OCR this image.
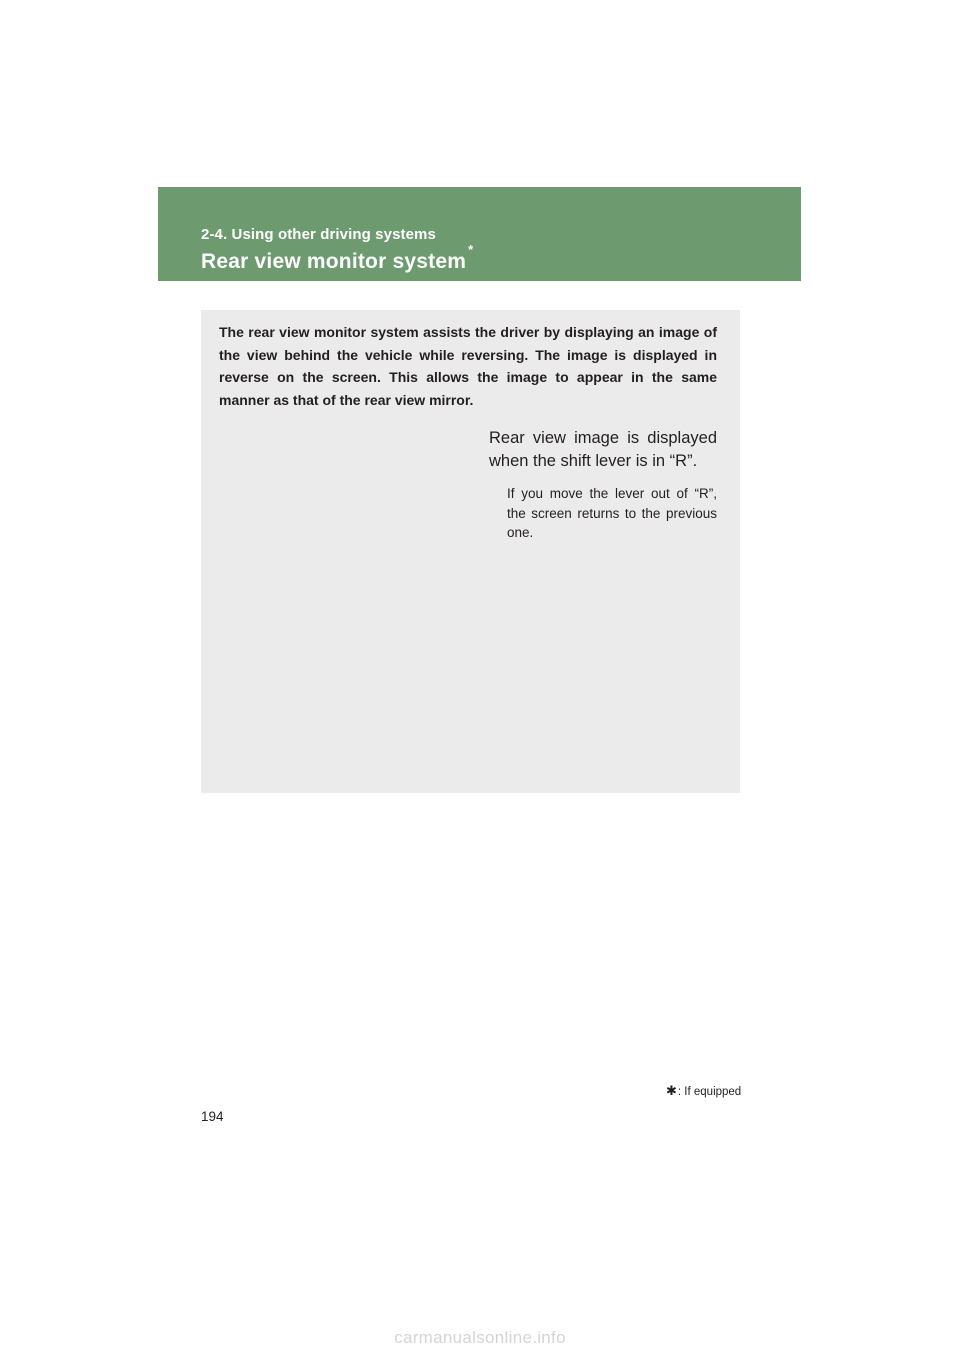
2-4. Using other driving systems
Rear view monitor system*
The rear view monitor system assists the driver by displaying an image of the view behind the vehicle while reversing. The image is displayed in reverse on the screen. This allows the image to appear in the same manner as that of the rear view mirror.
Rear view image is displayed when the shift lever is in “R”.
If you move the lever out of “R”, the screen returns to the previous one.
✱: If equipped
194
carmanualsonline.info
